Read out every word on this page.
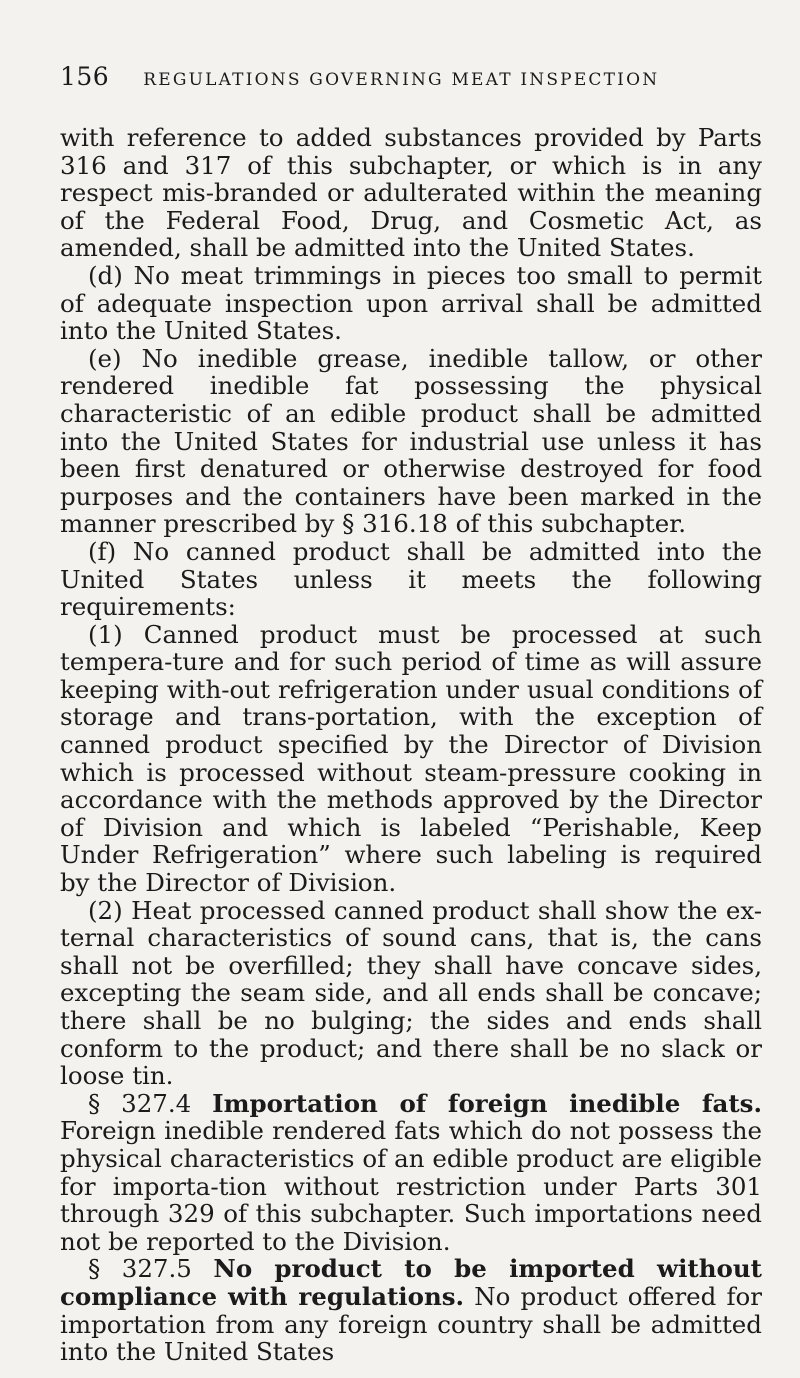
156 REGULATIONS GOVERNING MEAT INSPECTION

with reference to added substances provided by Parts 316 and 317 of this subchapter, or which is in any respect mis-branded or adulterated within the meaning of the Federal Food, Drug, and Cosmetic Act, as amended, shall be admitted into the United States.

(d) No meat trimmings in pieces too small to permit of adequate inspection upon arrival shall be admitted into the United States.

(e) No inedible grease, inedible tallow, or other rendered inedible fat possessing the physical characteristic of an edible product shall be admitted into the United States for industrial use unless it has been first denatured or otherwise destroyed for food purposes and the containers have been marked in the manner prescribed by § 316.18 of this subchapter.

(f) No canned product shall be admitted into the United States unless it meets the following requirements:

(1) Canned product must be processed at such tempera-ture and for such period of time as will assure keeping with-out refrigeration under usual conditions of storage and trans-portation, with the exception of canned product specified by the Director of Division which is processed without steam-pressure cooking in accordance with the methods approved by the Director of Division and which is labeled “Perishable, Keep Under Refrigeration” where such labeling is required by the Director of Division.

(2) Heat processed canned product shall show the ex-ternal characteristics of sound cans, that is, the cans shall not be overfilled; they shall have concave sides, excepting the seam side, and all ends shall be concave; there shall be no bulging; the sides and ends shall conform to the product; and there shall be no slack or loose tin.

§ 327.4 Importation of foreign inedible fats. Foreign inedible rendered fats which do not possess the physical characteristics of an edible product are eligible for importa-tion without restriction under Parts 301 through 329 of this subchapter. Such importations need not be reported to the Division.

§ 327.5 No product to be imported without compliance with regulations. No product offered for importation from any foreign country shall be admitted into the United States
